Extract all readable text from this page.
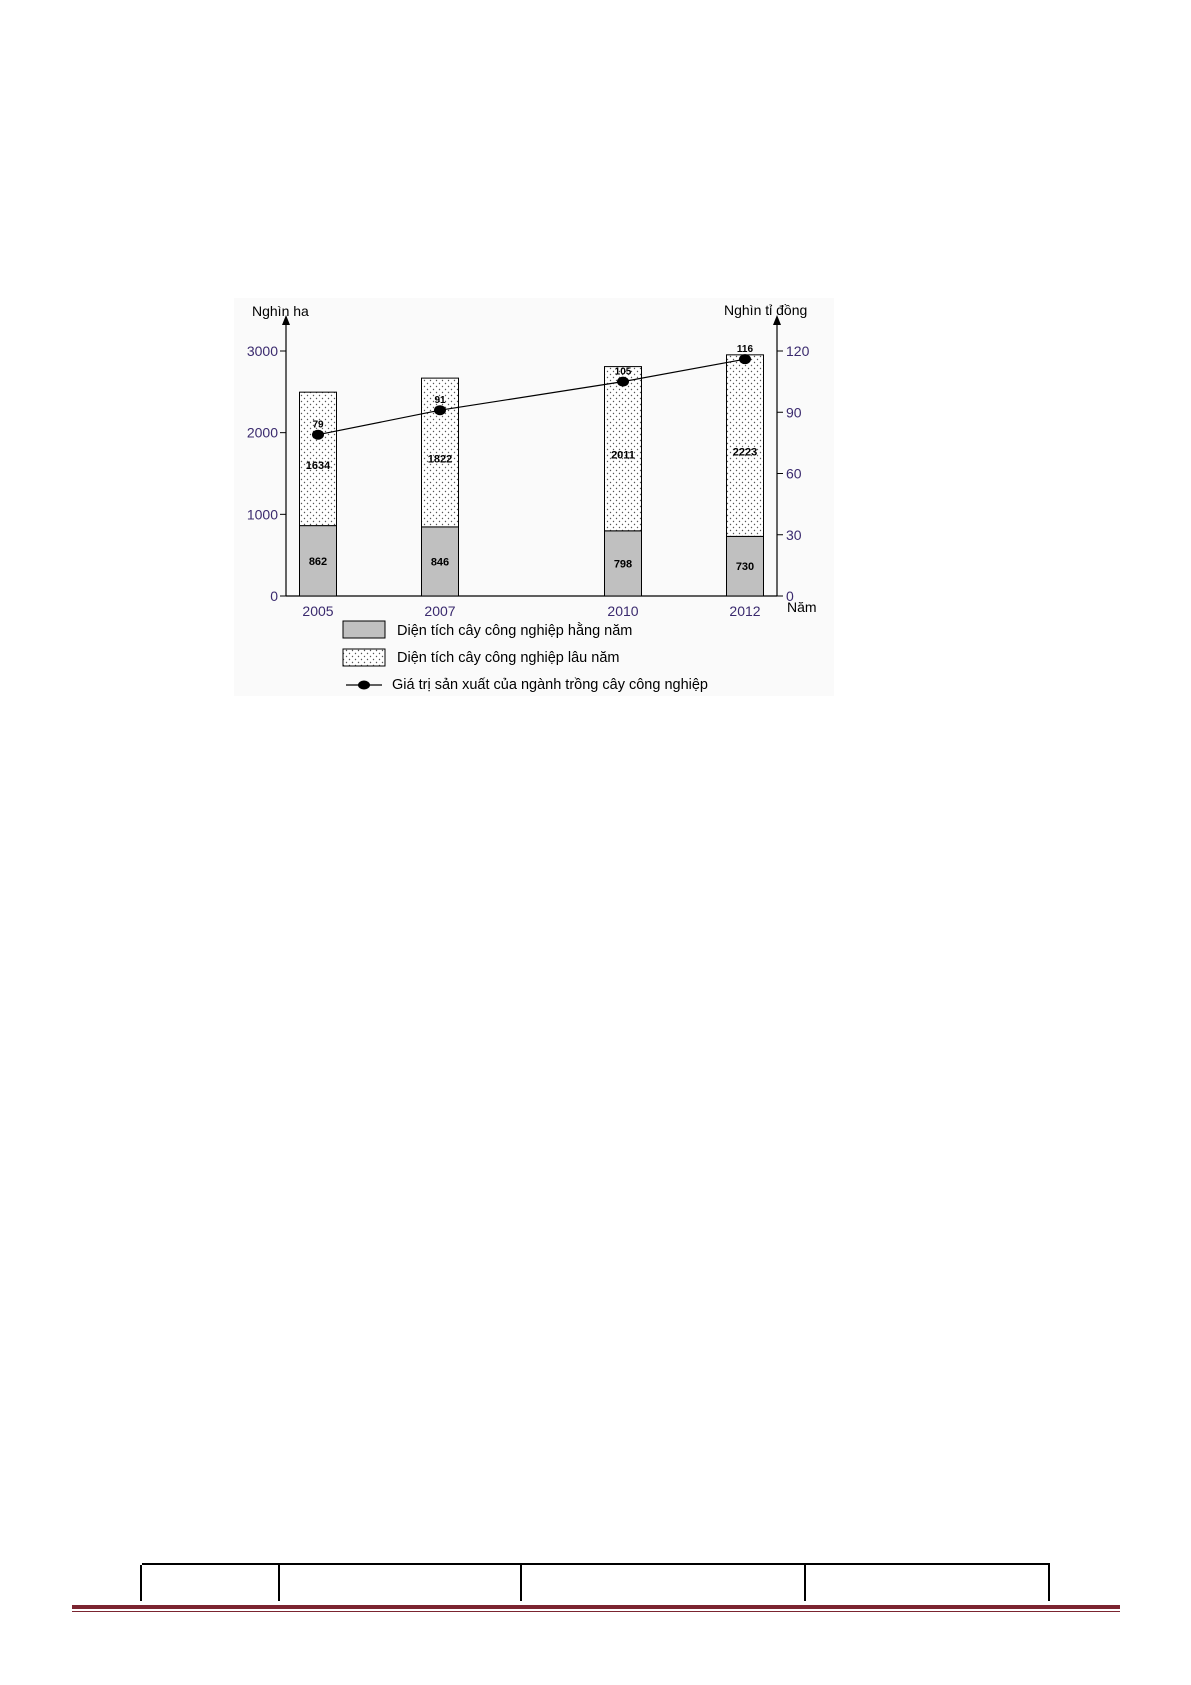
Nghìn ha	Nghìn tỉ đồng
Năm
0
1000
2000
3000
0
30
60
90
120
862
1634
2005
846
1822
2007
798
2011
2010
730
2223
2012
79
91
105
116
Diện tích cây công nghiệp hằng năm
Diện tích cây công nghiệp lâu năm
Giá trị sản xuất của ngành trồng cây công nghiệp
